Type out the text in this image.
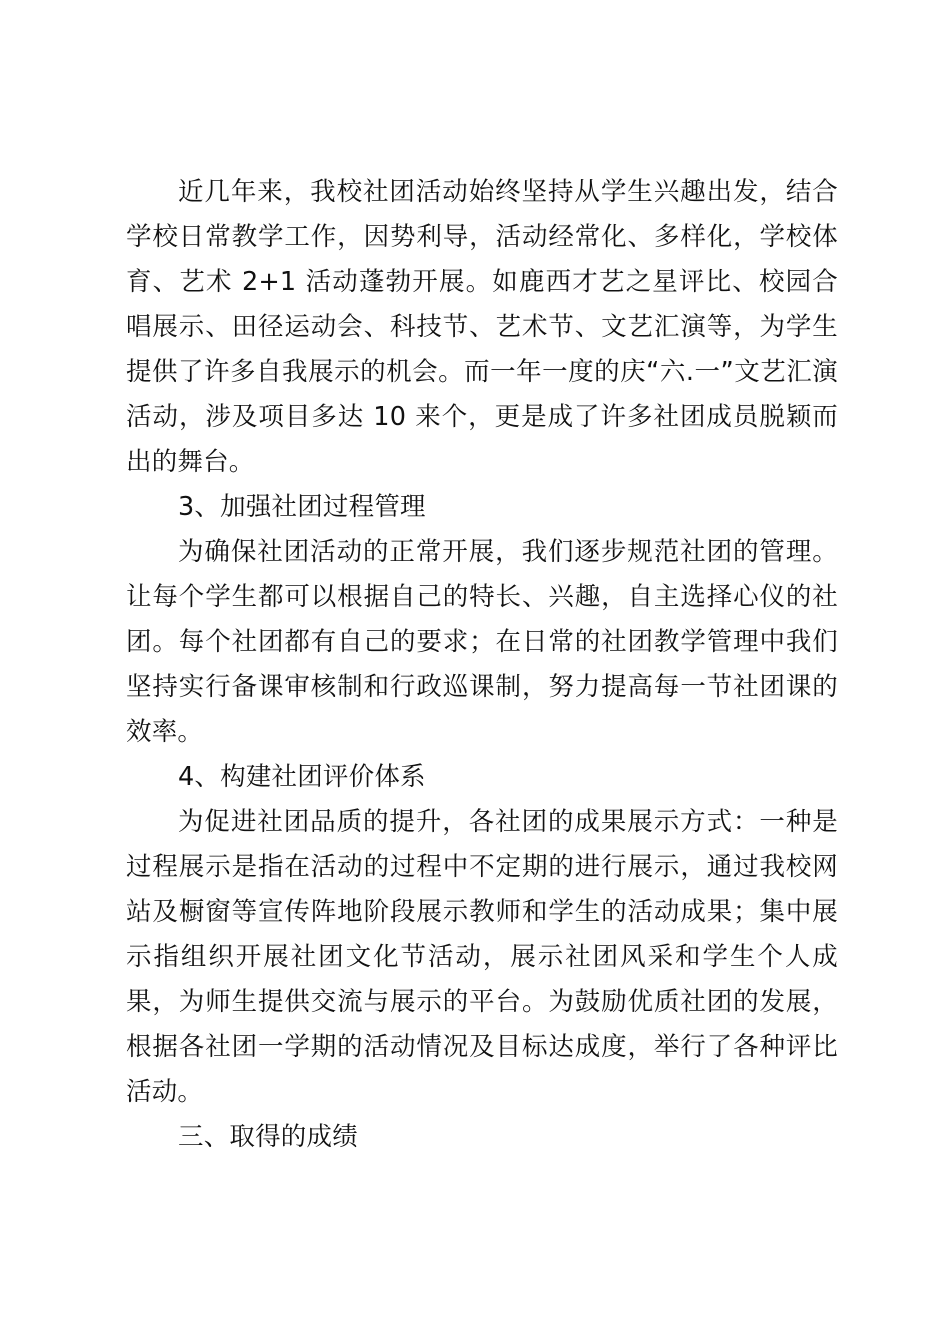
近几年来，我校社团活动始终坚持从学生兴趣出发，结合学校日常教学工作，因势利导，活动经常化、多样化，学校体育、艺术 2+1 活动蓬勃开展。如鹿西才艺之星评比、校园合唱展示、田径运动会、科技节、艺术节、文艺汇演等，为学生提供了许多自我展示的机会。而一年一度的庆“六.一”文艺汇演活动，涉及项目多达 10 来个，更是成了许多社团成员脱颖而出的舞台。

3、加强社团过程管理

为确保社团活动的正常开展，我们逐步规范社团的管理。让每个学生都可以根据自己的特长、兴趣，自主选择心仪的社团。每个社团都有自己的要求；在日常的社团教学管理中我们坚持实行备课审核制和行政巡课制，努力提高每一节社团课的效率。

4、构建社团评价体系

为促进社团品质的提升，各社团的成果展示方式：一种是过程展示是指在活动的过程中不定期的进行展示，通过我校网站及橱窗等宣传阵地阶段展示教师和学生的活动成果；集中展示指组织开展社团文化节活动，展示社团风采和学生个人成果，为师生提供交流与展示的平台。为鼓励优质社团的发展，根据各社团一学期的活动情况及目标达成度，举行了各种评比活动。

三、取得的成绩
